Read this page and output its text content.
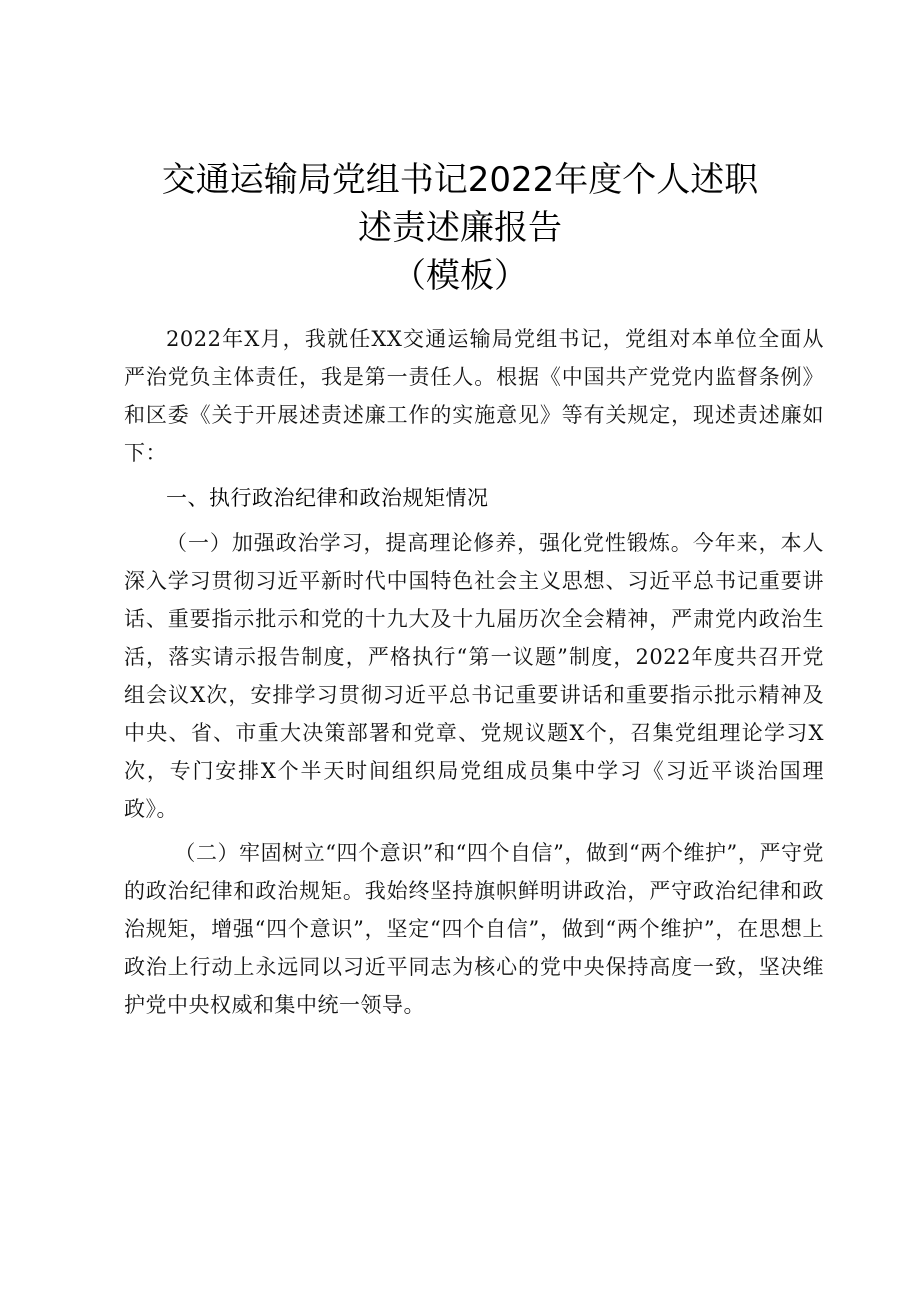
交通运输局党组书记2022年度个人述职
述责述廉报告
（模板）

2022年X月，我就任XX交通运输局党组书记，党组对本单位全面从严治党负主体责任，我是第一责任人。根据《中国共产党党内监督条例》和区委《关于开展述责述廉工作的实施意见》等有关规定，现述责述廉如下：

一、执行政治纪律和政治规矩情况

（一）加强政治学习，提高理论修养，强化党性锻炼。今年来，本人深入学习贯彻习近平新时代中国特色社会主义思想、习近平总书记重要讲话、重要指示批示和党的十九大及十九届历次全会精神，严肃党内政治生活，落实请示报告制度，严格执行“第一议题”制度，2022年度共召开党组会议X次，安排学习贯彻习近平总书记重要讲话和重要指示批示精神及中央、省、市重大决策部署和党章、党规议题X个，召集党组理论学习X次，专门安排X个半天时间组织局党组成员集中学习《习近平谈治国理政》。

（二）牢固树立“四个意识”和“四个自信”，做到“两个维护”，严守党的政治纪律和政治规矩。我始终坚持旗帜鲜明讲政治，严守政治纪律和政治规矩，增强“四个意识”，坚定“四个自信”，做到“两个维护”，在思想上政治上行动上永远同以习近平同志为核心的党中央保持高度一致，坚决维护党中央权威和集中统一领导。
